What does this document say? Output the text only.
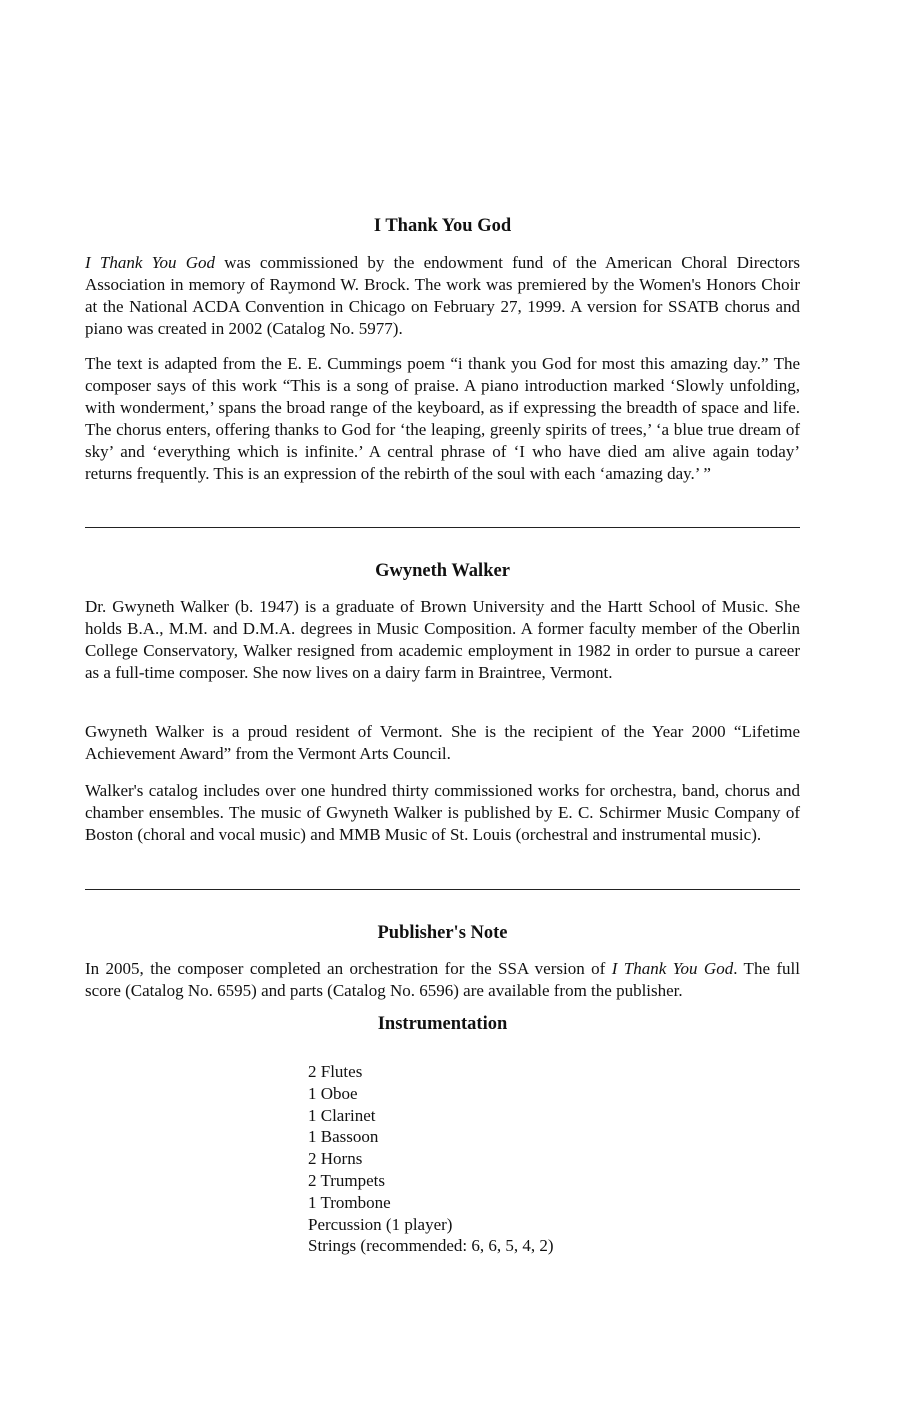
I Thank You God

I Thank You God was commissioned by the endowment fund of the American Choral Directors Association in memory of Raymond W. Brock. The work was premiered by the Women's Honors Choir at the National ACDA Convention in Chicago on February 27, 1999. A version for SSATB chorus and piano was created in 2002 (Catalog No. 5977).

The text is adapted from the E. E. Cummings poem “i thank you God for most this amazing day.” The composer says of this work “This is a song of praise. A piano introduction marked ‘Slowly unfolding, with wonderment,’ spans the broad range of the keyboard, as if expressing the breadth of space and life. The chorus enters, offering thanks to God for ‘the leaping, greenly spirits of trees,’ ‘a blue true dream of sky’ and ‘everything which is infinite.’ A central phrase of ‘I who have died am alive again today’ returns frequently. This is an expression of the rebirth of the soul with each ‘amazing day.’ ”

Gwyneth Walker

Dr. Gwyneth Walker (b. 1947) is a graduate of Brown University and the Hartt School of Music. She holds B.A., M.M. and D.M.A. degrees in Music Composition. A former faculty member of the Oberlin College Conservatory, Walker resigned from academic employment in 1982 in order to pursue a career as a full-time composer. She now lives on a dairy farm in Braintree, Vermont.

Gwyneth Walker is a proud resident of Vermont. She is the recipient of the Year 2000 “Lifetime Achievement Award” from the Vermont Arts Council.

Walker's catalog includes over one hundred thirty commissioned works for orchestra, band, chorus and chamber ensembles. The music of Gwyneth Walker is published by E. C. Schirmer Music Company of Boston (choral and vocal music) and MMB Music of St. Louis (orchestral and instrumental music).

Publisher's Note

In 2005, the composer completed an orchestration for the SSA version of I Thank You God. The full score (Catalog No. 6595) and parts (Catalog No. 6596) are available from the publisher.

Instrumentation
2 Flutes
1 Oboe
1 Clarinet
1 Bassoon
2 Horns
2 Trumpets
1 Trombone
Percussion (1 player)
Strings (recommended: 6, 6, 5, 4, 2)
